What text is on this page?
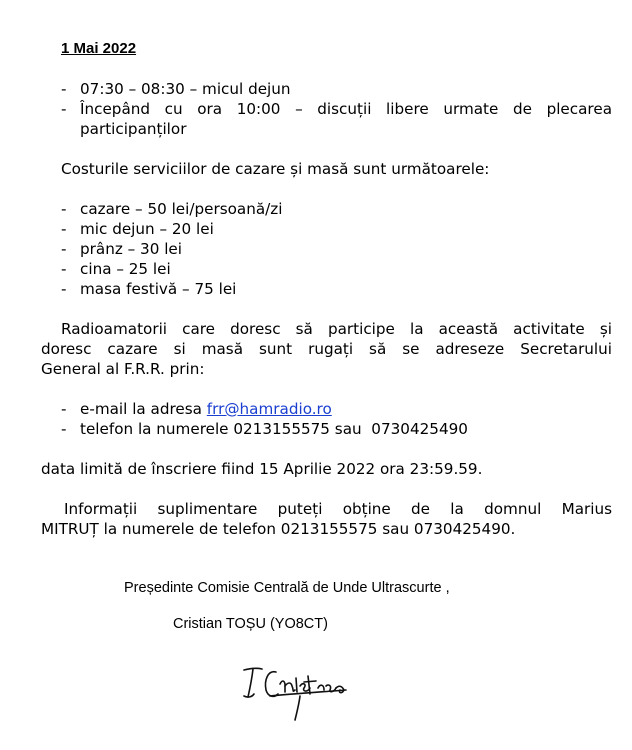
1 Mai 2022
- 07:30 – 08:30 – micul dejun
- Începând cu ora 10:00 – discuții libere urmate de plecarea
participanților
Costurile serviciilor de cazare și masă sunt următoarele:
- cazare – 50 lei/persoană/zi
- mic dejun – 20 lei
- prânz – 30 lei
- cina – 25 lei
- masa festivă – 75 lei
Radioamatorii care doresc să participe la această activitate și
doresc cazare si masă sunt rugați să se adreseze Secretarului
General al F.R.R. prin:
- e-mail la adresa frr@hamradio.ro
- telefon la numerele 0213155575 sau  0730425490
data limită de înscriere fiind 15 Aprilie 2022 ora 23:59.59.
Informații suplimentare puteți obține de la domnul Marius
MITRUȚ la numerele de telefon 0213155575 sau 0730425490.
Președinte Comisie Centrală de Unde Ultrascurte ,
Cristian TOȘU (YO8CT)
